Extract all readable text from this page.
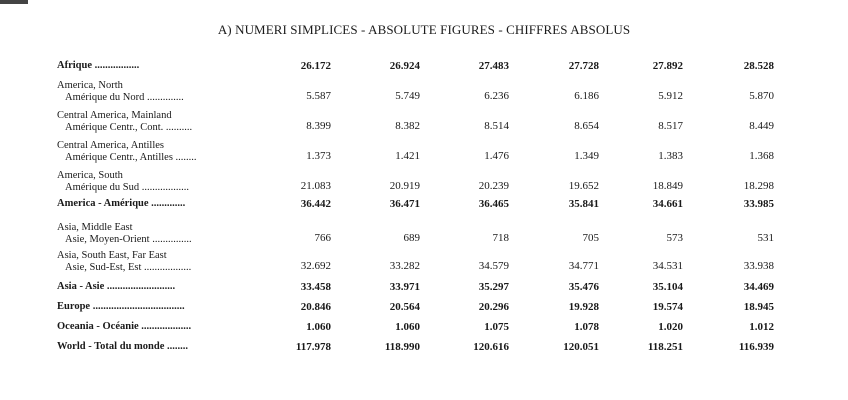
A) NUMERI SIMPLICES - ABSOLUTE FIGURES - CHIFFRES ABSOLUS
Afrique .................	26.172	26.924	27.483	27.728	27.892	28.528
America, North
Amérique du Nord ..............	5.587	5.749	6.236	6.186	5.912	5.870
Central America, Mainland
Amérique Centr., Cont. ..........	8.399	8.382	8.514	8.654	8.517	8.449
Central America, Antilles
Amérique Centr., Antilles ........	1.373	1.421	1.476	1.349	1.383	1.368
America, South
Amérique du Sud ..................	21.083	20.919	20.239	19.652	18.849	18.298
America - Amérique .............	36.442	36.471	36.465	35.841	34.661	33.985
Asia, Middle East
Asie, Moyen-Orient ...............	766	689	718	705	573	531
Asia, South East, Far East
Asie, Sud-Est, Est ..................	32.692	33.282	34.579	34.771	34.531	33.938
Asia - Asie ..........................	33.458	33.971	35.297	35.476	35.104	34.469
Europe ...................................	20.846	20.564	20.296	19.928	19.574	18.945
Oceania - Océanie ...................	1.060	1.060	1.075	1.078	1.020	1.012
World - Total du monde ........	117.978	118.990	120.616	120.051	118.251	116.939
